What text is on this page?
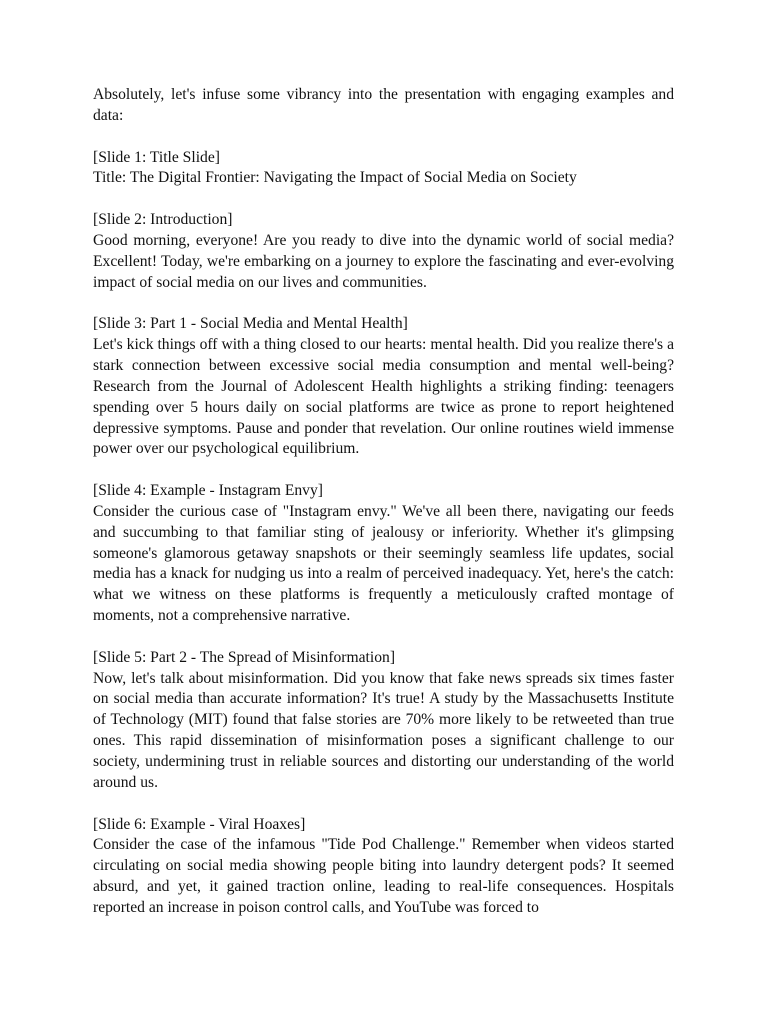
Absolutely, let's infuse some vibrancy into the presentation with engaging examples and data:

[Slide 1: Title Slide]
Title: The Digital Frontier: Navigating the Impact of Social Media on Society
[Slide 2: Introduction]
Good morning, everyone! Are you ready to dive into the dynamic world of social media? Excellent! Today, we're embarking on a journey to explore the fascinating and ever-evolving impact of social media on our lives and communities.
[Slide 3: Part 1 - Social Media and Mental Health]
Let's kick things off with a thing closed to our hearts: mental health. Did you realize there's a stark connection between excessive social media consumption and mental well-being? Research from the Journal of Adolescent Health highlights a striking finding: teenagers spending over 5 hours daily on social platforms are twice as prone to report heightened depressive symptoms. Pause and ponder that revelation. Our online routines wield immense power over our psychological equilibrium.
[Slide 4: Example - Instagram Envy]
Consider the curious case of "Instagram envy." We've all been there, navigating our feeds and succumbing to that familiar sting of jealousy or inferiority. Whether it's glimpsing someone's glamorous getaway snapshots or their seemingly seamless life updates, social media has a knack for nudging us into a realm of perceived inadequacy. Yet, here's the catch: what we witness on these platforms is frequently a meticulously crafted montage of moments, not a comprehensive narrative.
[Slide 5: Part 2 - The Spread of Misinformation]
Now, let's talk about misinformation. Did you know that fake news spreads six times faster on social media than accurate information? It's true! A study by the Massachusetts Institute of Technology (MIT) found that false stories are 70% more likely to be retweeted than true ones. This rapid dissemination of misinformation poses a significant challenge to our society, undermining trust in reliable sources and distorting our understanding of the world around us.
[Slide 6: Example - Viral Hoaxes]
Consider the case of the infamous "Tide Pod Challenge." Remember when videos started circulating on social media showing people biting into laundry detergent pods? It seemed absurd, and yet, it gained traction online, leading to real-life consequences. Hospitals reported an increase in poison control calls, and YouTube was forced to
